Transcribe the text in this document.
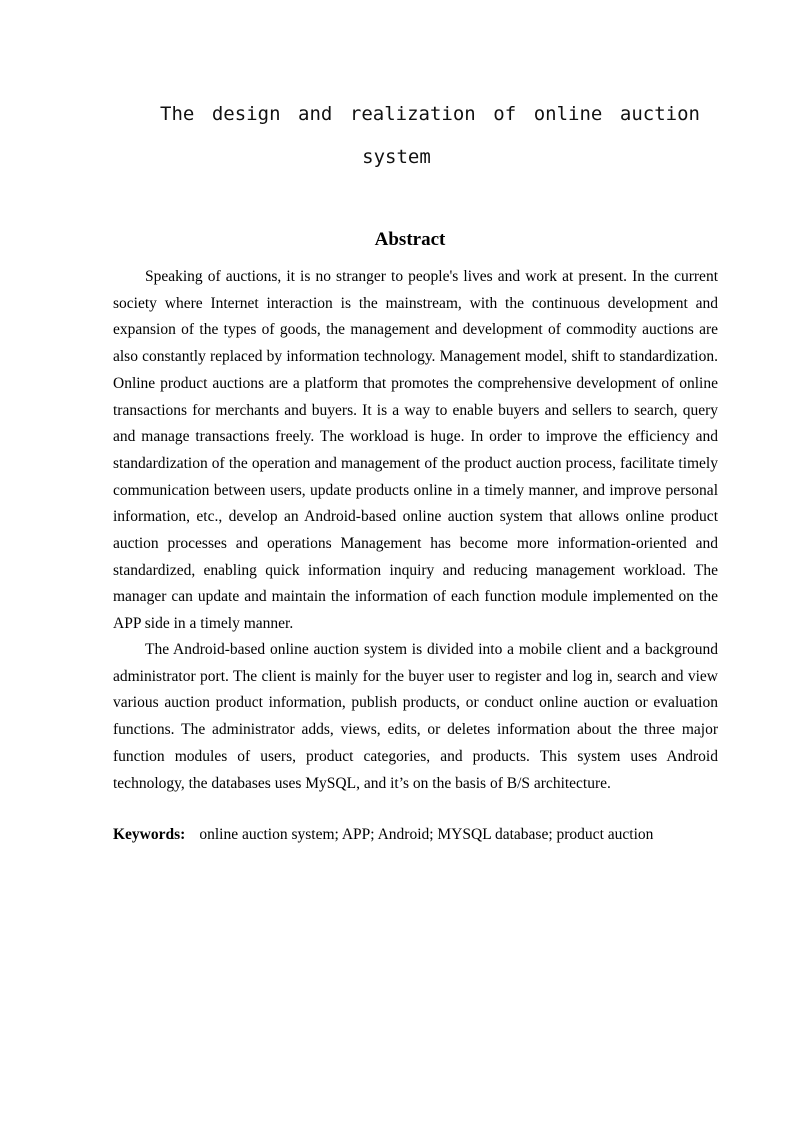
The design and realization of online auction
system
Abstract

Speaking of auctions, it is no stranger to people's lives and work at present. In the current society where Internet interaction is the mainstream, with the continuous development and expansion of the types of goods, the management and development of commodity auctions are also constantly replaced by information technology. Management model, shift to standardization. Online product auctions are a platform that promotes the comprehensive development of online transactions for merchants and buyers. It is a way to enable buyers and sellers to search, query and manage transactions freely. The workload is huge. In order to improve the efficiency and standardization of the operation and management of the product auction process, facilitate timely communication between users, update products online in a timely manner, and improve personal information, etc., develop an Android-based online auction system that allows online product auction processes and operations Management has become more information-oriented and standardized, enabling quick information inquiry and reducing management workload. The manager can update and maintain the information of each function module implemented on the APP side in a timely manner.

The Android-based online auction system is divided into a mobile client and a background administrator port. The client is mainly for the buyer user to register and log in, search and view various auction product information, publish products, or conduct online auction or evaluation functions. The administrator adds, views, edits, or deletes information about the three major function modules of users, product categories, and products. This system uses Android technology, the databases uses MySQL, and it’s on the basis of B/S architecture.

Keywords: online auction system; APP; Android; MYSQL database; product auction
